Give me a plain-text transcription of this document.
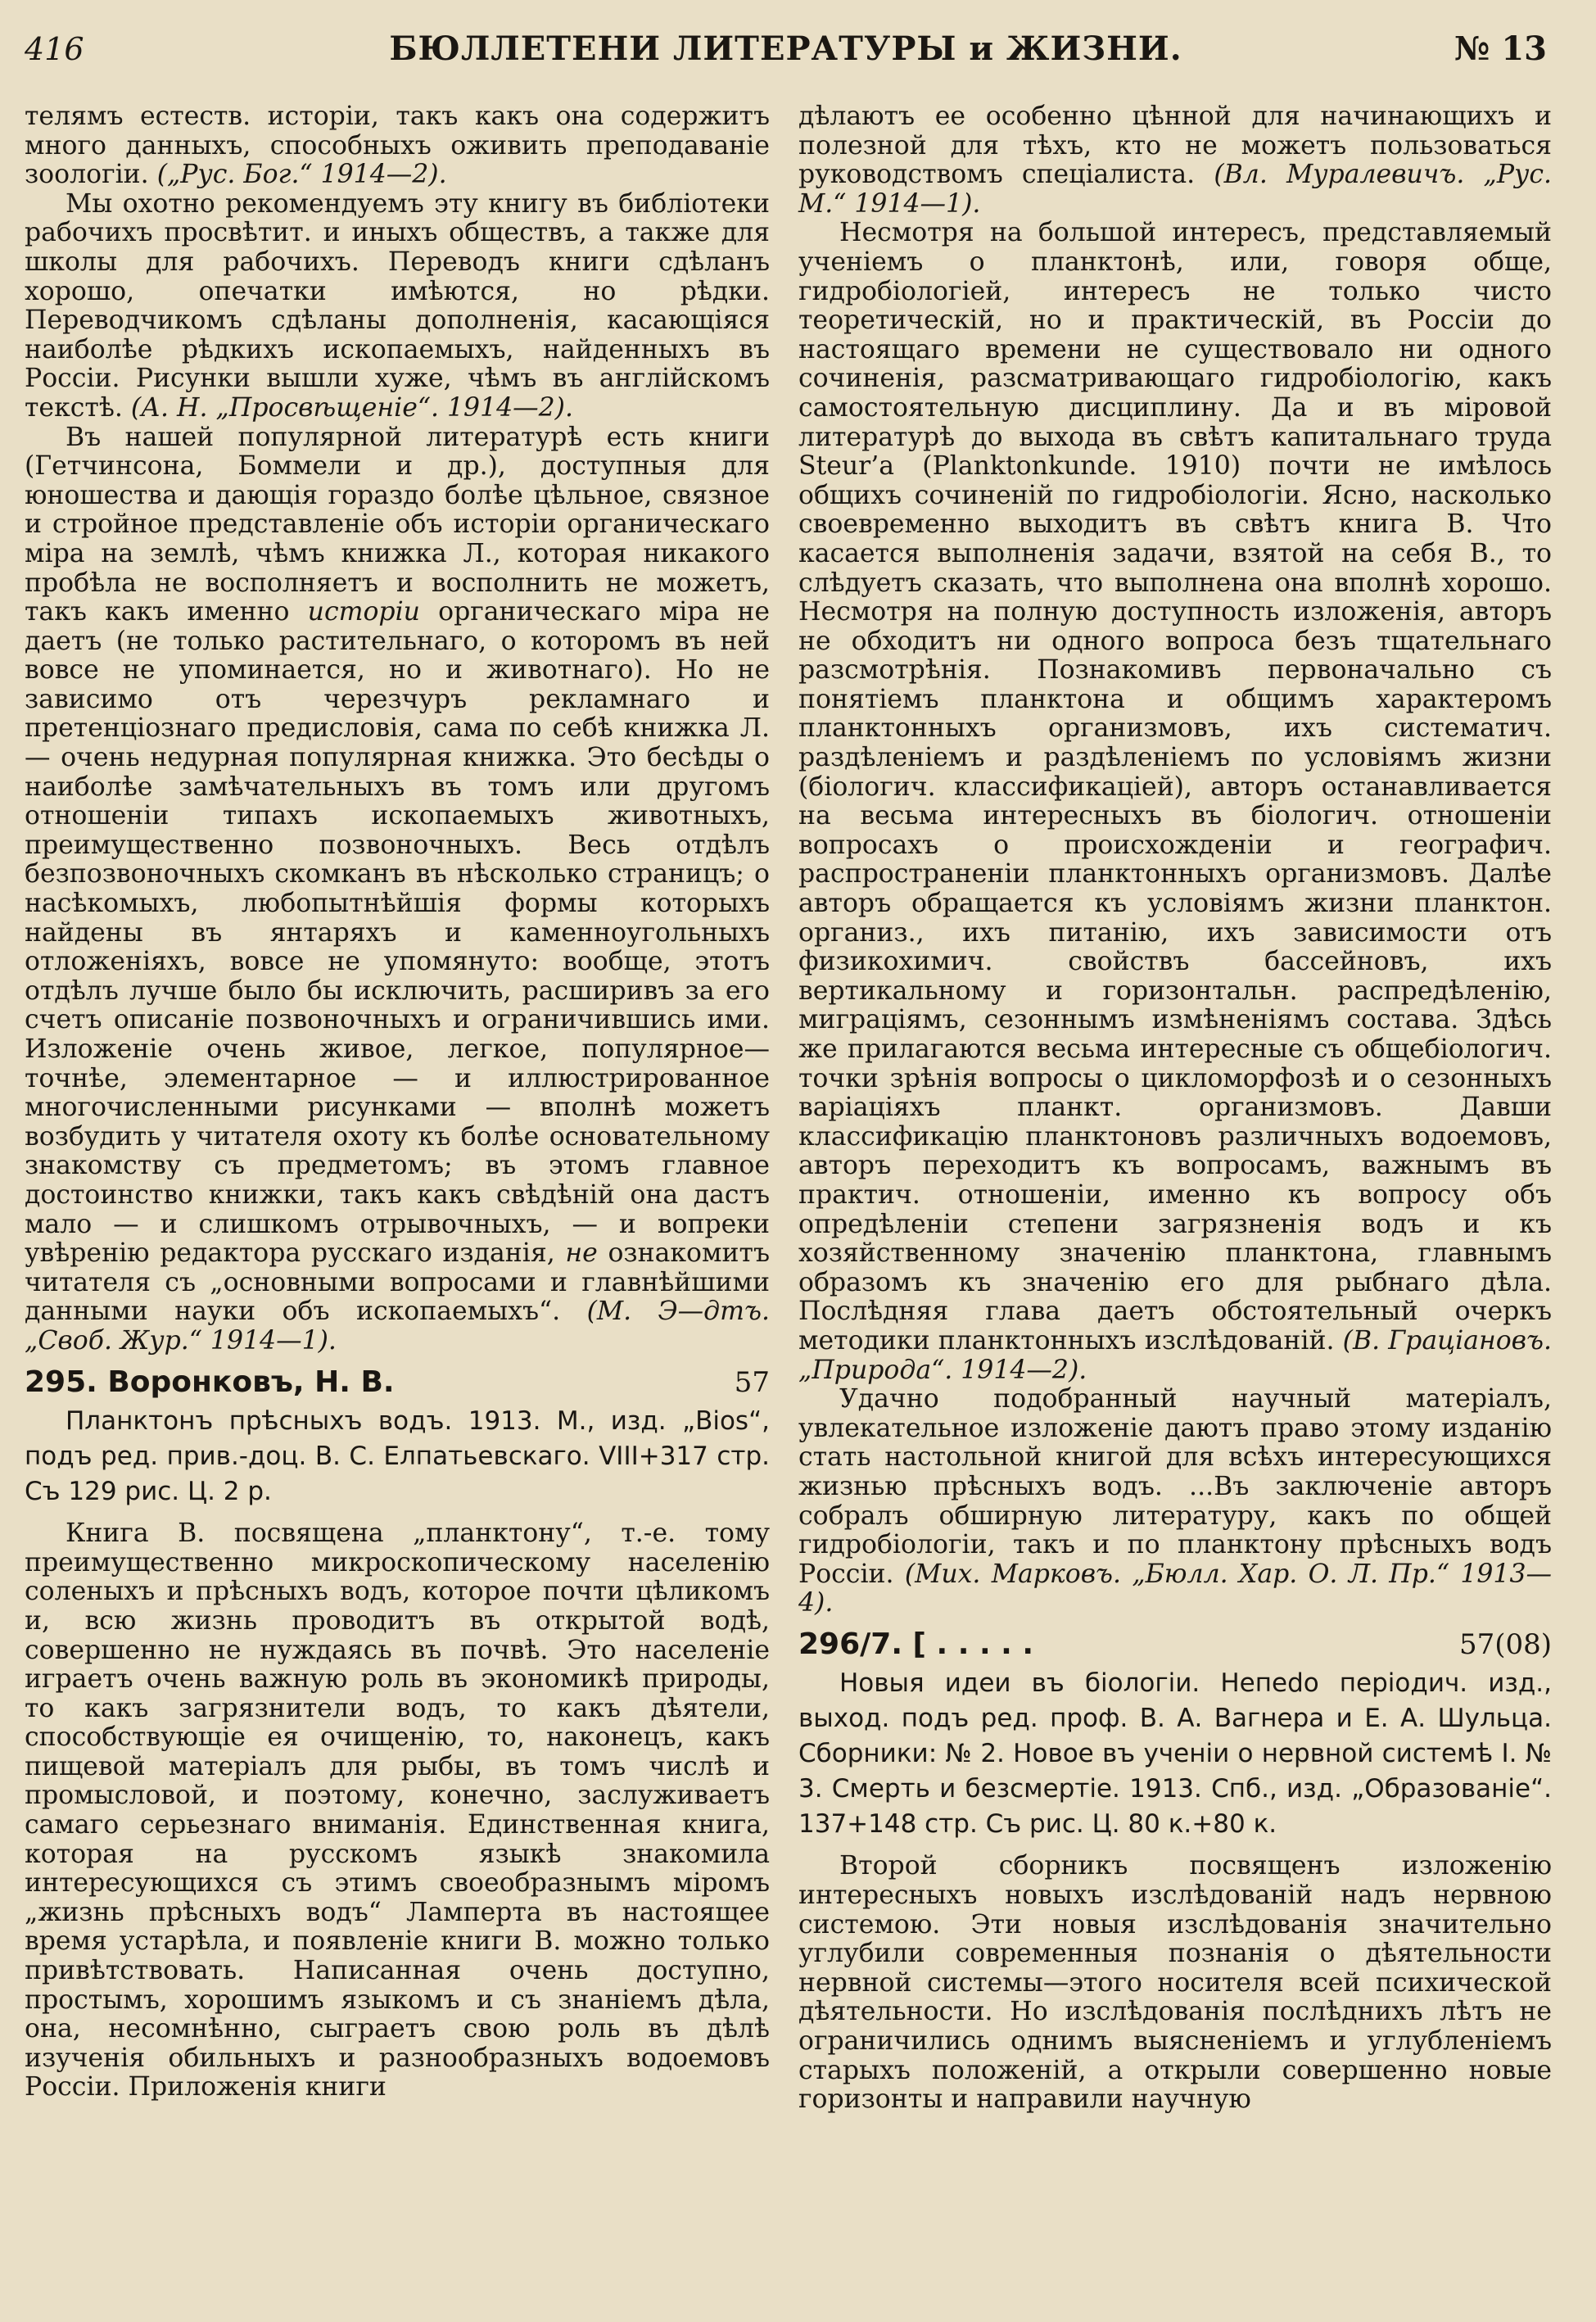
416	БЮЛЛЕТЕНИ ЛИТЕРАТУРЫ и ЖИЗНИ.	№ 13

телямъ естеств. исторіи, такъ какъ она содержитъ много данныхъ, способныхъ оживить преподаваніе зоологіи. („Рус. Бог.“ 1914—2).

Мы охотно рекомендуемъ эту книгу въ библіотеки рабочихъ просвѣтит. и иныхъ обществъ, а также для школы для рабочихъ. Переводъ книги сдѣланъ хорошо, опечатки имѣются, но рѣдки. Переводчикомъ сдѣланы дополненія, касающіяся наиболѣе рѣдкихъ ископаемыхъ, найденныхъ въ Россіи. Рисунки вышли хуже, чѣмъ въ англійскомъ текстѣ. (А. Н. „Просвѣщеніе“. 1914—2).

Въ нашей популярной литературѣ есть книги (Гетчинсона, Боммели и др.), доступныя для юношества и дающія гораздо болѣе цѣльное, связное и стройное представленіе объ исторіи органическаго міра на землѣ, чѣмъ книжка Л., которая никакого пробѣла не восполняетъ и восполнить не можетъ, такъ какъ именно исторіи органическаго міра не даетъ (не только растительнаго, о которомъ въ ней вовсе не упоминается, но и животнаго). Но не зависимо отъ черезчуръ рекламнаго и претенціознаго предисловія, сама по себѣ книжка Л. — очень недурная популярная книжка. Это бесѣды о наиболѣе замѣчательныхъ въ томъ или другомъ отношеніи типахъ ископаемыхъ животныхъ, преимущественно позвоночныхъ. Весь отдѣлъ безпозвоночныхъ скомканъ въ нѣсколько страницъ; о насѣкомыхъ, любопытнѣйшія формы которыхъ найдены въ янтаряхъ и каменноугольныхъ отложеніяхъ, вовсе не упомянуто: вообще, этотъ отдѣлъ лучше было бы исключить, расширивъ за его счетъ описаніе позвоночныхъ и ограничившись ими. Изложеніе очень живое, легкое, популярное—точнѣе, элементарное — и иллюстрированное многочисленными рисунками — вполнѣ можетъ возбудить у читателя охоту къ болѣе основательному знакомству съ предметомъ; въ этомъ главное достоинство книжки, такъ какъ свѣдѣній она дастъ мало — и слишкомъ отрывочныхъ, — и вопреки увѣренію редактора русскаго изданія, не ознакомитъ читателя съ „основными вопросами и главнѣйшими данными науки объ ископаемыхъ“. (М. Э—дтъ. „Своб. Жур.“ 1914—1).

295. Воронковъ, Н. В.	57

Планктонъ прѣсныхъ водъ. 1913. М., изд. „Bios“, подъ ред. прив.-доц. В. С. Елпатьевскаго. VIII+317 стр. Съ 129 рис. Ц. 2 р.

Книга В. посвящена „планктону“, т.-е. тому преимущественно микроскопическому населенію соленыхъ и прѣсныхъ водъ, которое почти цѣликомъ и, всю жизнь проводитъ въ открытой водѣ, совершенно не нуждаясь въ почвѣ. Это населеніе играетъ очень важную роль въ экономикѣ природы, то какъ загрязнители водъ, то какъ дѣятели, способствующіе ея очищенію, то, наконецъ, какъ пищевой матеріалъ для рыбы, въ томъ числѣ и промысловой, и поэтому, конечно, заслуживаетъ самаго серьезнаго вниманія. Единственная книга, которая на русскомъ языкѣ знакомила интересующихся съ этимъ своеобразнымъ міромъ „жизнь прѣсныхъ водъ“ Ламперта въ настоящее время устарѣла, и появленіе книги В. можно только привѣтствовать. Написанная очень доступно, простымъ, хорошимъ языкомъ и съ знаніемъ дѣла, она, несомнѣнно, сыграетъ свою роль въ дѣлѣ изученія обильныхъ и разнообразныхъ водоемовъ Россіи. Приложенія книги

дѣлаютъ ее особенно цѣнной для начинающихъ и полезной для тѣхъ, кто не можетъ пользоваться руководствомъ спеціалиста. (Вл. Муралевичъ. „Рус. М.“ 1914—1).

Несмотря на большой интересъ, представляемый ученіемъ о планктонѣ, или, говоря обще, гидробіологіей, интересъ не только чисто теоретическій, но и практическій, въ Россіи до настоящаго времени не существовало ни одного сочиненія, разсматривающаго гидробіологію, какъ самостоятельную дисциплину. Да и въ міровой литературѣ до выхода въ свѣтъ капитальнаго труда Steur’a (Planktonkunde. 1910) почти не имѣлось общихъ сочиненій по гидробіологіи. Ясно, насколько своевременно выходитъ въ свѣтъ книга В. Что касается выполненія задачи, взятой на себя В., то слѣдуетъ сказать, что выполнена она вполнѣ хорошо. Несмотря на полную доступность изложенія, авторъ не обходитъ ни одного вопроса безъ тщательнаго разсмотрѣнія. Познакомивъ первоначально съ понятіемъ планктона и общимъ характеромъ планктонныхъ организмовъ, ихъ систематич. раздѣленіемъ и раздѣленіемъ по условіямъ жизни (біологич. классификаціей), авторъ останавливается на весьма интересныхъ въ біологич. отношеніи вопросахъ о происхожденіи и географич. распространеніи планктонныхъ организмовъ. Далѣе авторъ обращается къ условіямъ жизни планктон. организ., ихъ питанію, ихъ зависимости отъ физикохимич. свойствъ бассейновъ, ихъ вертикальному и горизонтальн. распредѣленію, миграціямъ, сезоннымъ измѣненіямъ состава. Здѣсь же прилагаются весьма интересные съ общебіологич. точки зрѣнія вопросы о цикломорфозѣ и о сезонныхъ варіаціяхъ планкт. организмовъ. Давши классификацію планктоновъ различныхъ водоемовъ, авторъ переходитъ къ вопросамъ, важнымъ въ практич. отношеніи, именно къ вопросу объ опредѣленіи степени загрязненія водъ и къ хозяйственному значенію планктона, главнымъ образомъ къ значенію его для рыбнаго дѣла. Послѣдняя глава даетъ обстоятельный очеркъ методики планктонныхъ изслѣдованій. (В. Граціановъ. „Природа“. 1914—2).

Удачно подобранный научный матеріалъ, увлекательное изложеніе даютъ право этому изданію стать настольной книгой для всѣхъ интересующихся жизнью прѣсныхъ водъ. ...Въ заключеніе авторъ собралъ обширную литературу, какъ по общей гидробіологіи, такъ и по планктону прѣсныхъ водъ Россіи. (Мих. Марковъ. „Бюлл. Хар. О. Л. Пр.“ 1913—4).

296/7. [ . . . . .	57(08)

Новыя идеи въ біологіи. Непеdo періодич. изд., выход. подъ ред. проф. В. А. Вагнера и Е. А. Шульца. Сборники: № 2. Новое въ ученіи о нервной системѣ I. № 3. Смерть и безсмертіе. 1913. Спб., изд. „Образованіе“. 137+148 стр. Съ рис. Ц. 80 к.+80 к.

Второй сборникъ посвященъ изложенію интересныхъ новыхъ изслѣдованій надъ нервною системою. Эти новыя изслѣдованія значительно углубили современныя познанія о дѣятельности нервной системы—этого носителя всей психической дѣятельности. Но изслѣдованія послѣднихъ лѣтъ не ограничились однимъ выясненіемъ и углубленіемъ старыхъ положеній, а открыли совершенно новые горизонты и направили научную
